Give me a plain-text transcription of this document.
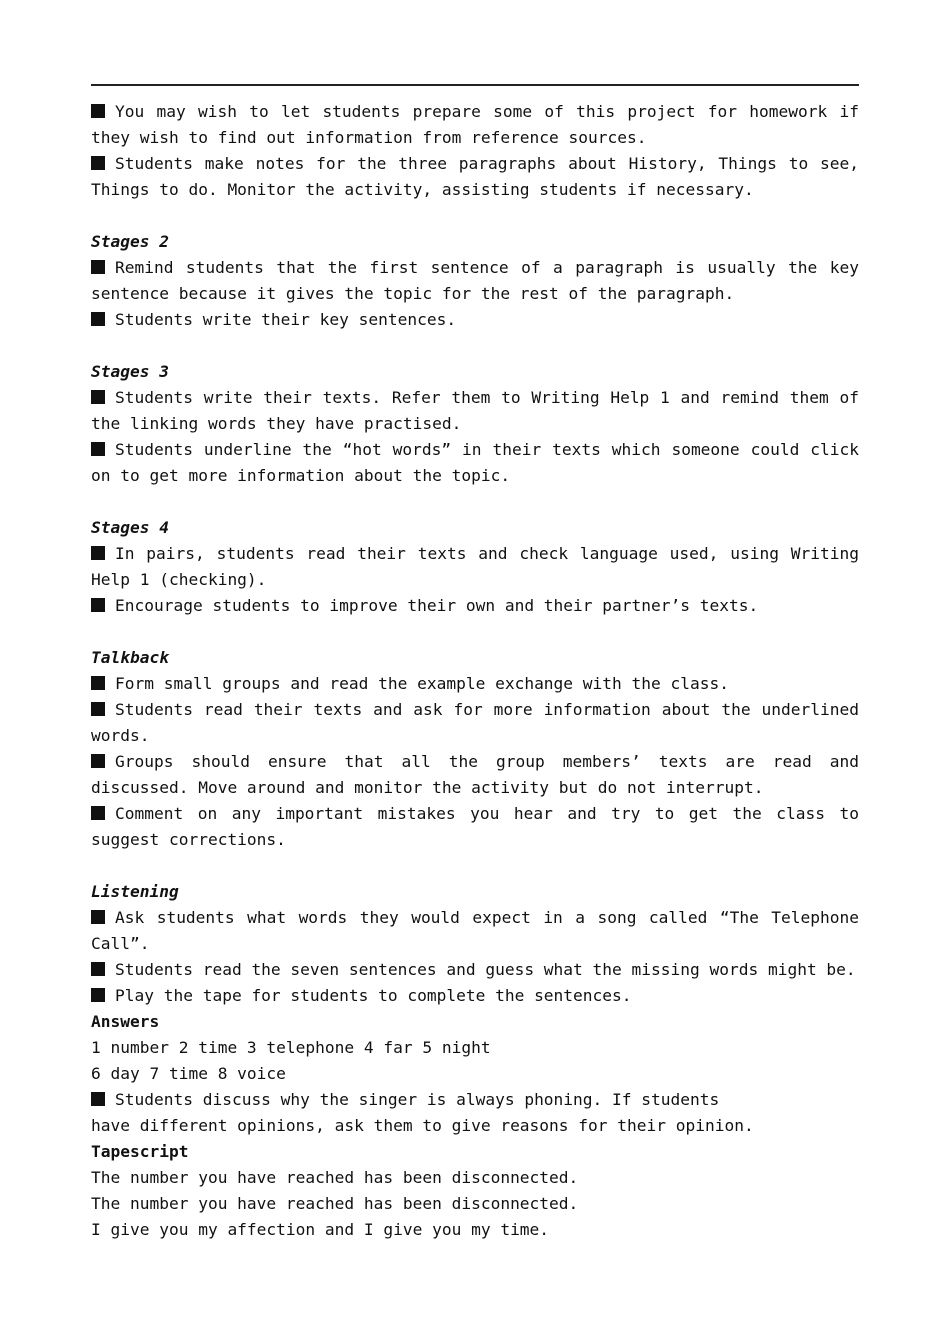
You may wish to let students prepare some of this project for homework if they wish to find out information from reference sources.

Students make notes for the three paragraphs about History, Things to see, Things to do. Monitor the activity, assisting students if necessary.

Stages 2

Remind students that the first sentence of a paragraph is usually the key sentence because it gives the topic for the rest of the paragraph.

Students write their key sentences.

Stages 3

Students write their texts. Refer them to Writing Help 1 and remind them of the linking words they have practised.

Students underline the “hot words” in their texts which someone could click on to get more information about the topic.

Stages 4

In pairs, students read their texts and check language used, using Writing Help 1 (checking).

Encourage students to improve their own and their partner’s texts.

Talkback

Form small groups and read the example exchange with the class.

Students read their texts and ask for more information about the underlined words.

Groups should ensure that all the group members’ texts are read and discussed. Move around and monitor the activity but do not interrupt.

Comment on any important mistakes you hear and try to get the class to suggest corrections.

Listening

Ask students what words they would expect in a song called “The Telephone Call”.

Students read the seven sentences and guess what the missing words might be.

Play the tape for students to complete the sentences.

Answers

1 number 2 time 3 telephone 4 far 5 night

6 day 7 time 8 voice

Students discuss why the singer is always phoning. If students

have different opinions, ask them to give reasons for their opinion.

Tapescript

The number you have reached has been disconnected.

The number you have reached has been disconnected.

I give you my affection and I give you my time.
